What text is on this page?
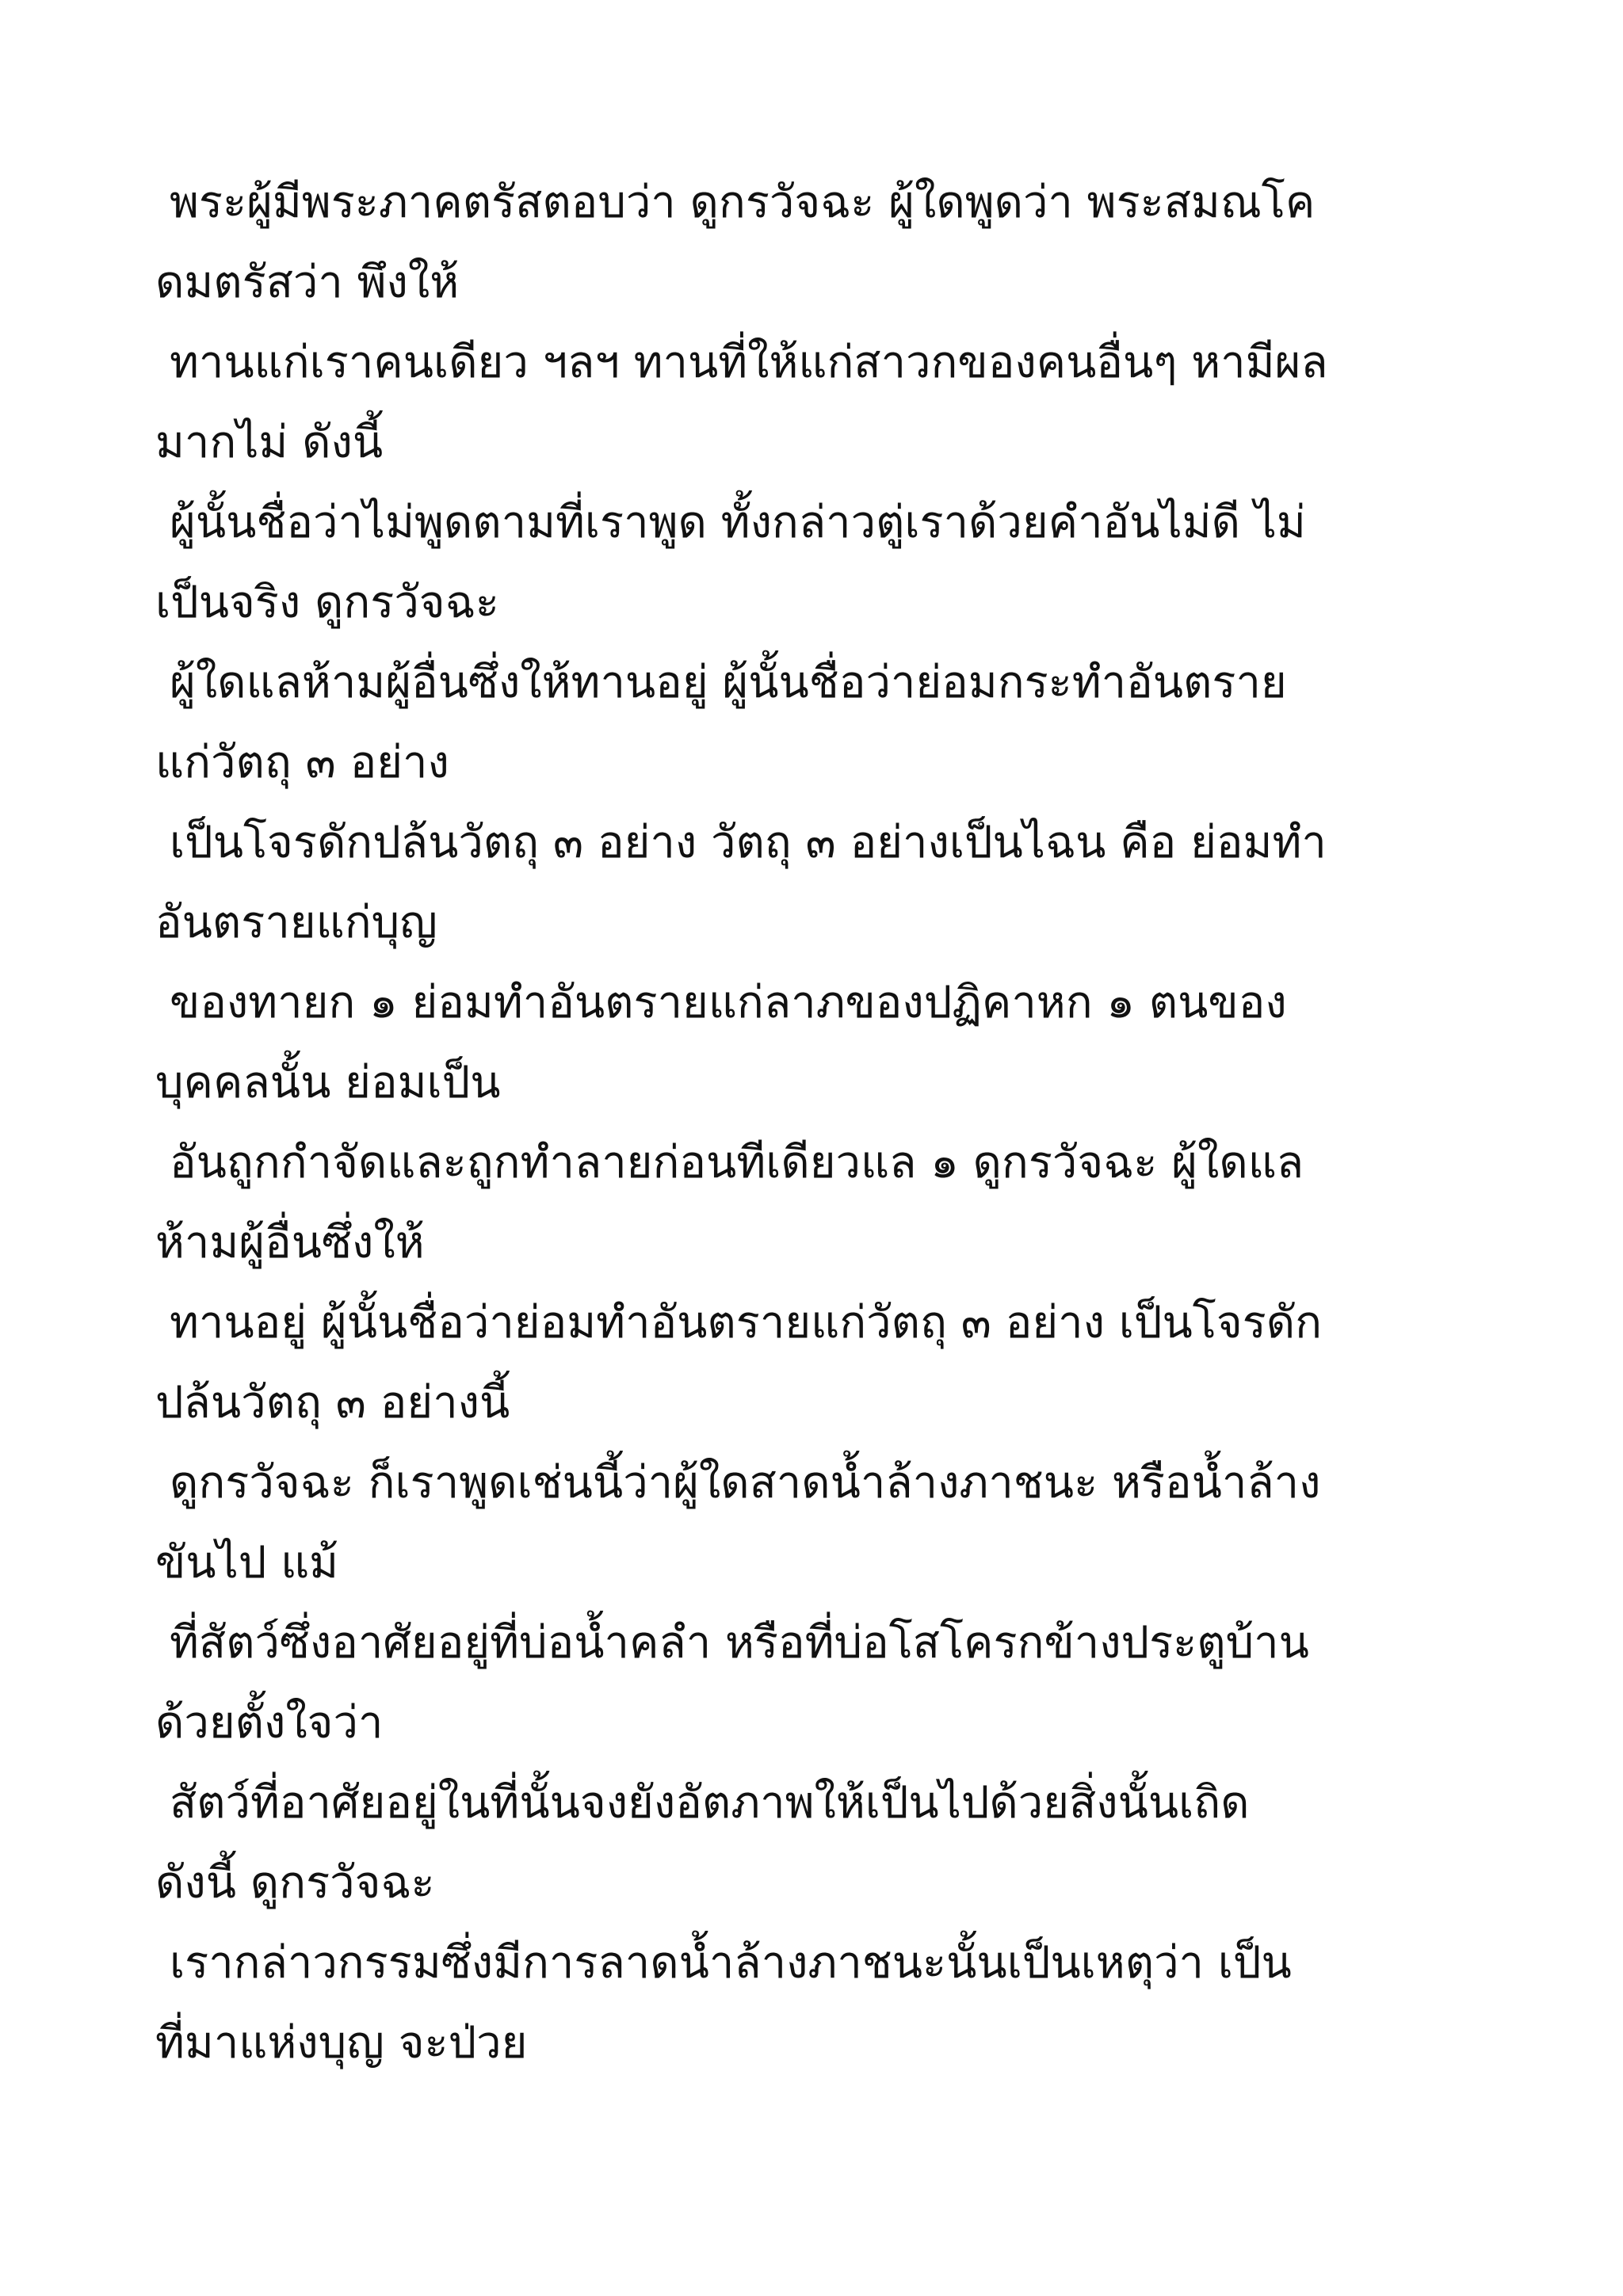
พระผู้มีพระภาคตรัสตอบว่า ดูกรวัจฉะ ผู้ใดพูดว่า พระสมณโค
ดมตรัสว่า พึงให้

ทานแก่เราคนเดียว ฯลฯ ทานที่ให้แก่สาวกของคนอื่นๆ หามีผล
มากไม่ ดังนี้

ผู้นั้นชื่อว่าไม่พูดตามที่เราพูด ทั้งกล่าวตู่เราด้วยคำอันไม่ดี ไม่
เป็นจริง ดูกรวัจฉะ

ผู้ใดแลห้ามผู้อื่นซึ่งให้ทานอยู่ ผู้นั้นชื่อว่าย่อมกระทำอันตราย
แก่วัตถุ ๓ อย่าง

เป็นโจรดักปล้นวัตถุ ๓ อย่าง วัตถุ ๓ อย่างเป็นไฉน คือ ย่อมทำ
อันตรายแก่บุญ

ของทายก ๑ ย่อมทำอันตรายแก่ลาภของปฏิคาหก ๑ ตนของ
บุคคลนั้น ย่อมเป็น

อันถูกกำจัดและถูกทำลายก่อนทีเดียวแล ๑ ดูกรวัจฉะ ผู้ใดแล
ห้ามผู้อื่นซึ่งให้

ทานอยู่ ผู้นั้นชื่อว่าย่อมทำอันตรายแก่วัตถุ ๓ อย่าง เป็นโจรดัก
ปล้นวัตถุ ๓ อย่างนี้

ดูกรวัจฉะ ก็เราพูดเช่นนี้ว่าผู้ใดสาดน้ำล้างภาชนะ หรือน้ำล้าง
ขันไป แม้

ที่สัตว์ซึ่งอาศัยอยู่ที่บ่อน้ำคลำ หรือที่บ่อโสโครกข้างประตูบ้าน
ด้วยตั้งใจว่า

สัตว์ที่อาศัยอยู่ในที่นั้นจงยังอัตภาพให้เป็นไปด้วยสิ่งนั้นเถิด
ดังนี้ ดูกรวัจฉะ

เรากล่าวกรรมซึ่งมีการลาดน้ำล้างภาชนะนั้นเป็นเหตุว่า เป็น
ที่มาแห่งบุญ จะป่วย
